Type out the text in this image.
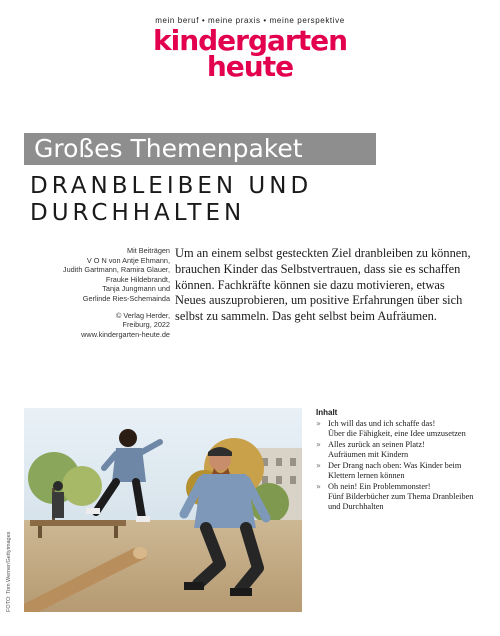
mein beruf • meine praxis • meine perspektive
kindergarten
heute
Großes Themenpaket
DRANBLEIBEN UND
DURCHHALTEN
Mit Beiträgen
V O N von Antje Ehmann,
Judith Gartmann, Ramira Glauer,
Frauke Hildebrandt,
Tanja Jungmann und
Gerlinde Ries-Schemainda
© Verlag Herder,
Freiburg, 2022
www.kindergarten-heute.de
Um an einem selbst gesteckten Ziel dranbleiben zu können, brauchen Kinder das Selbstvertrauen, dass sie es schaffen können. Fachkräfte können sie dazu motivieren, etwas Neues auszuprobieren, um positive Erfahrungen über sich selbst zu sammeln. Das geht selbst beim Aufräumen.
FOTO: Tom Werner/Gettyimages
Inhalt
» Ich will das und ich schaffe das!
Über die Fähigkeit, eine Idee umzusetzen
» Alles zurück an seinen Platz!
Aufräumen mit Kindern
» Der Drang nach oben: Was Kinder beim
Klettern lernen können
» Oh nein! Ein Problemmonster!
Fünf Bilderbücher zum Thema Dranbleiben und Durchhalten
